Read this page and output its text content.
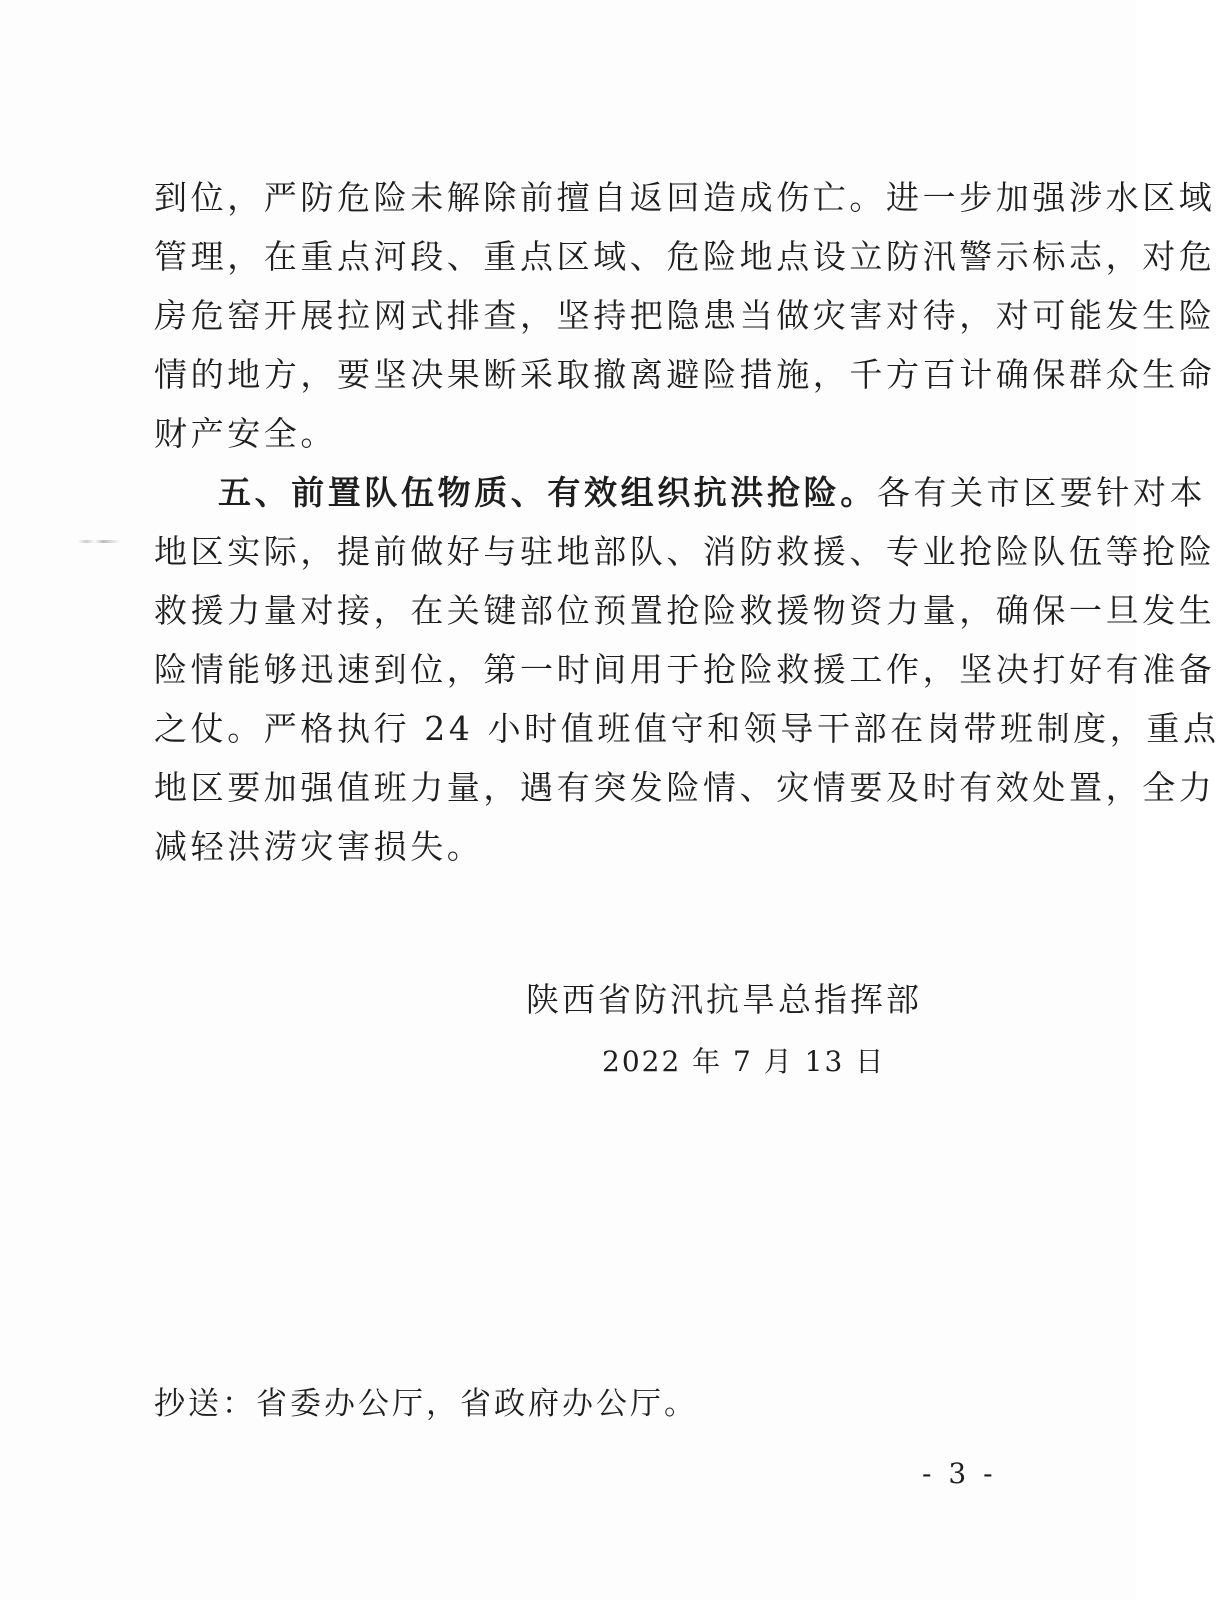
到位，严防危险未解除前擅自返回造成伤亡。进一步加强涉水区域
管理，在重点河段、重点区域、危险地点设立防汛警示标志，对危
房危窑开展拉网式排查，坚持把隐患当做灾害对待，对可能发生险
情的地方，要坚决果断采取撤离避险措施，千方百计确保群众生命
财产安全。
五、前置队伍物质、有效组织抗洪抢险。各有关市区要针对本
地区实际，提前做好与驻地部队、消防救援、专业抢险队伍等抢险
救援力量对接，在关键部位预置抢险救援物资力量，确保一旦发生
险情能够迅速到位，第一时间用于抢险救援工作，坚决打好有准备
之仗。严格执行 24 小时值班值守和领导干部在岗带班制度，重点
地区要加强值班力量，遇有突发险情、灾情要及时有效处置，全力
减轻洪涝灾害损失。
陕西省防汛抗旱总指挥部
2022 年 7 月 13 日
抄送：省委办公厅，省政府办公厅。
- 3 -
